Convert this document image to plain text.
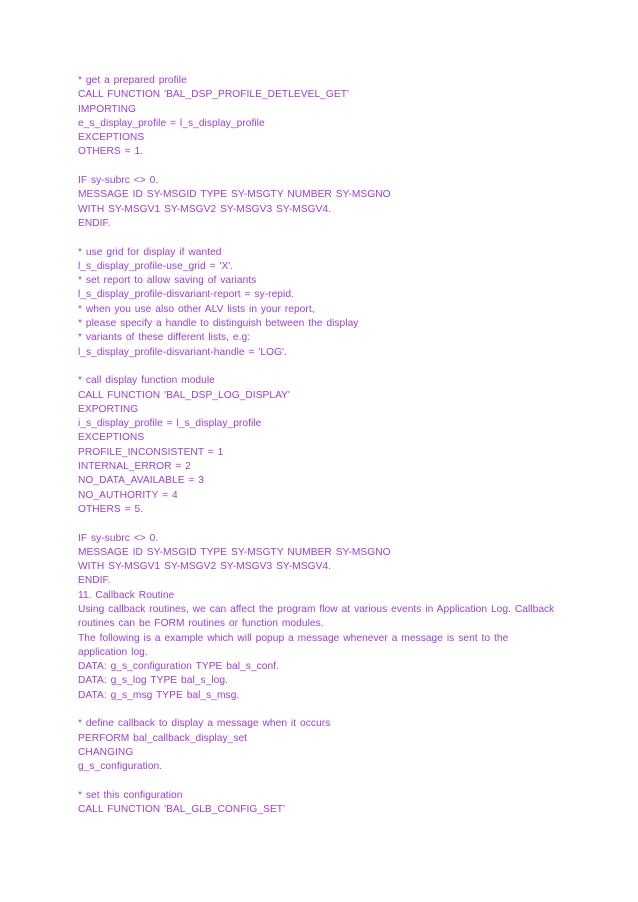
* get a prepared profile
CALL FUNCTION 'BAL_DSP_PROFILE_DETLEVEL_GET'
IMPORTING
e_s_display_profile = l_s_display_profile
EXCEPTIONS
OTHERS = 1.
IF sy-subrc <> 0.
MESSAGE ID SY-MSGID TYPE SY-MSGTY NUMBER SY-MSGNO
WITH SY-MSGV1 SY-MSGV2 SY-MSGV3 SY-MSGV4.
ENDIF.
* use grid for display if wanted
l_s_display_profile-use_grid = 'X'.
* set report to allow saving of variants
l_s_display_profile-disvariant-report = sy-repid.
* when you use also other ALV lists in your report,
* please specify a handle to distinguish between the display
* variants of these different lists, e.g:
l_s_display_profile-disvariant-handle = 'LOG'.
* call display function module
CALL FUNCTION 'BAL_DSP_LOG_DISPLAY'
EXPORTING
i_s_display_profile = l_s_display_profile
EXCEPTIONS
PROFILE_INCONSISTENT = 1
INTERNAL_ERROR = 2
NO_DATA_AVAILABLE = 3
NO_AUTHORITY = 4
OTHERS = 5.
IF sy-subrc <> 0.
MESSAGE ID SY-MSGID TYPE SY-MSGTY NUMBER SY-MSGNO
WITH SY-MSGV1 SY-MSGV2 SY-MSGV3 SY-MSGV4.
ENDIF.
11. Callback Routine
Using callback routines, we can affect the program flow at various events in Application Log. Callback
routines can be FORM routines or function modules.
The following is a example which will popup a message whenever a message is sent to the
application log.
DATA: g_s_configuration TYPE bal_s_conf.
DATA: g_s_log TYPE bal_s_log.
DATA: g_s_msg TYPE bal_s_msg.
* define callback to display a message when it occurs
PERFORM bal_callback_display_set
CHANGING
g_s_configuration.
* set this configuration
CALL FUNCTION 'BAL_GLB_CONFIG_SET'
